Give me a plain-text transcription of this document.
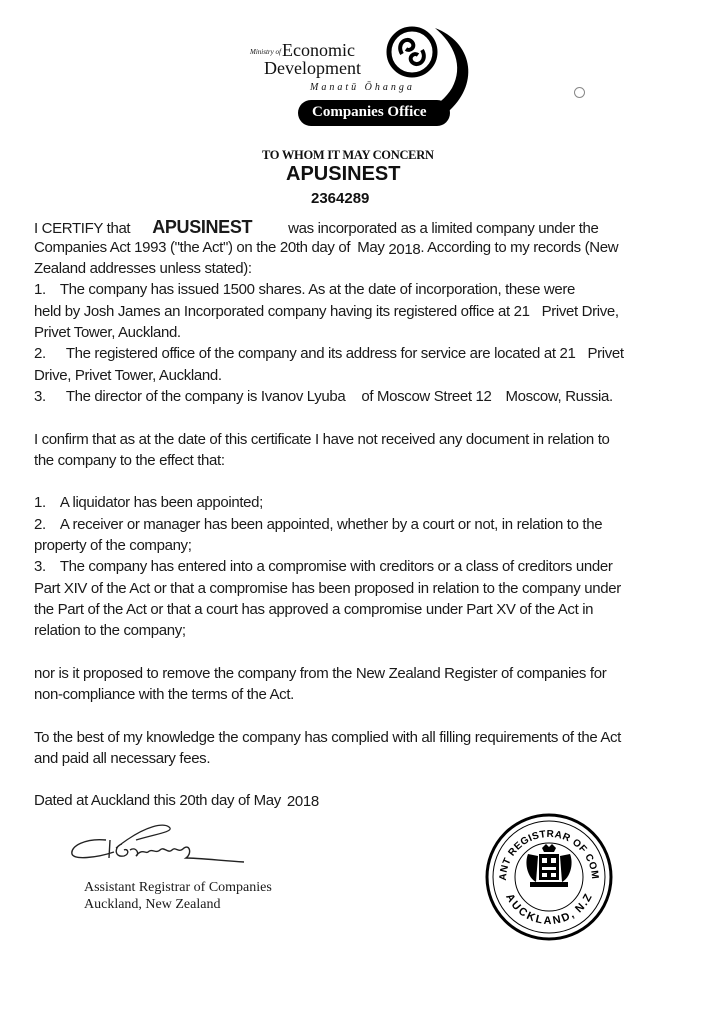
Ministry of Economic
Development
Manatū Ōhanga
Companies Office
TO WHOM IT MAY CONCERN
APUSINEST
2364289
I CERTIFY that APUSINEST was incorporated as a limited company under the
Companies Act 1993 ("the Act") on the 20th day of May 2018. According to my records (New
Zealand addresses unless stated):
1. The company has issued 1500 shares. As at the date of incorporation, these were
held by Josh James an Incorporated company having its registered office at 21 Privet Drive,
Privet Tower, Auckland.
2. The registered office of the company and its address for service are located at 21 Privet
Drive, Privet Tower, Auckland.
3. The director of the company is Ivanov Lyuba of Moscow Street 12 Moscow, Russia.
I confirm that as at the date of this certificate I have not received any document in relation to
the company to the effect that:
1. A liquidator has been appointed;
2. A receiver or manager has been appointed, whether by a court or not, in relation to the
property of the company;
3. The company has entered into a compromise with creditors or a class of creditors under
Part XIV of the Act or that a compromise has been proposed in relation to the company under
the Part of the Act or that a court has approved a compromise under Part XV of the Act in
relation to the company;
nor is it proposed to remove the company from the New Zealand Register of companies for
non-compliance with the terms of the Act.
To the best of my knowledge the company has complied with all filling requirements of the Act
and paid all necessary fees.
Dated at Auckland this 20th day of May 2018
Assistant Registrar of Companies
Auckland, New Zealand
ANT REGISTRAR OF COM
AUCKLAND, N.Z
